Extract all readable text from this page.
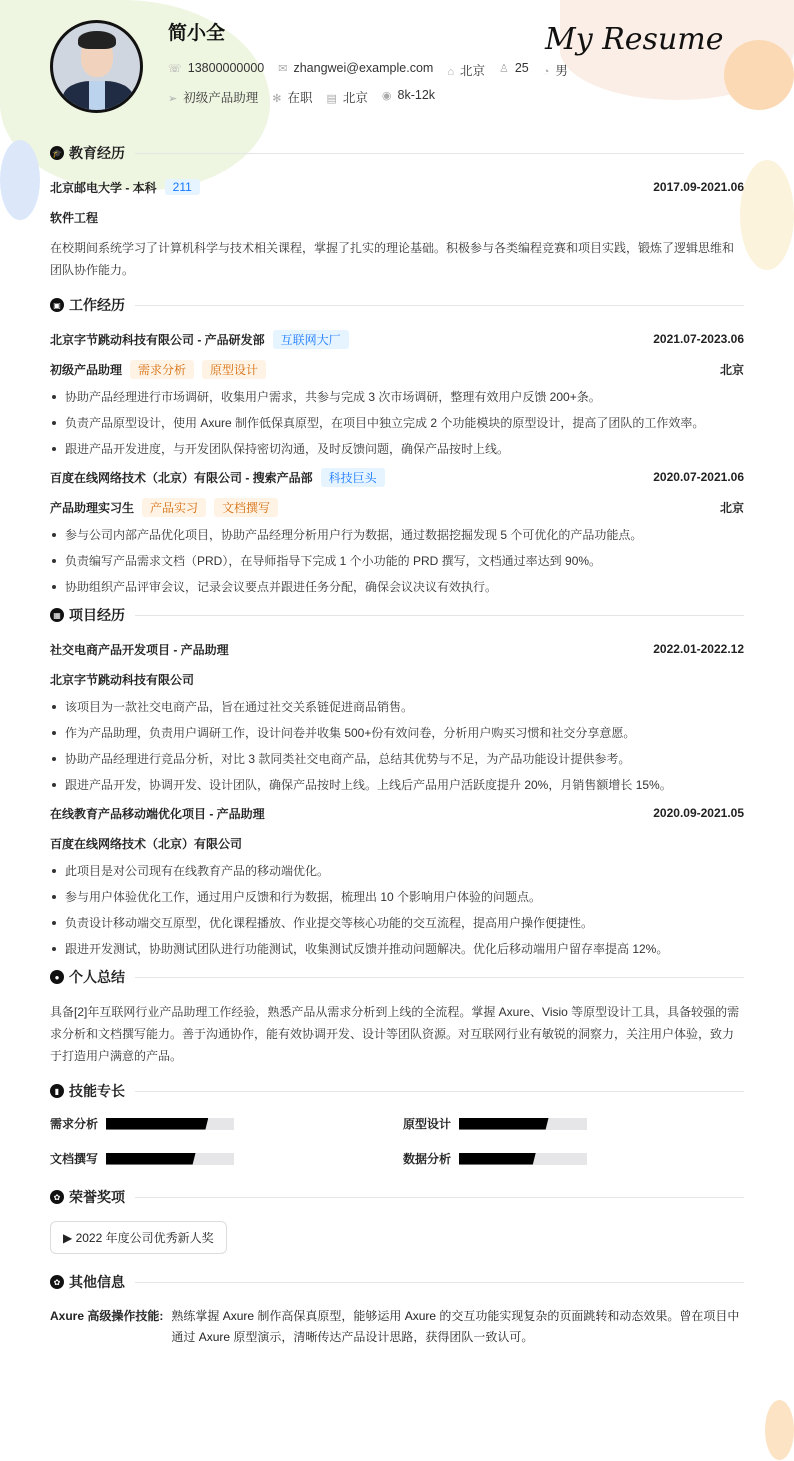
简小全	My Resume
☏ 13800000000 ✉ zhangwei@example.com ⌂ 北京 ♙ 25 ◔ 男
➢ 初级产品助理 ✻ 在职 ▤ 北京 ◉ 8k-12k
🎓 教育经历
北京邮电大学 - 本科	211	2017.09-2021.06
软件工程

在校期间系统学习了计算机科学与技术相关课程，掌握了扎实的理论基础。积极参与各类编程竞赛和项目实践，锻炼了逻辑思维和团队协作能力。

▣ 工作经历
北京字节跳动科技有限公司 - 产品研发部	互联网大厂	2021.07-2023.06
初级产品助理	需求分析	原型设计	北京
协助产品经理进行市场调研，收集用户需求，共参与完成 3 次市场调研，整理有效用户反馈 200+条。
负责产品原型设计，使用 Axure 制作低保真原型，在项目中独立完成 2 个功能模块的原型设计，提高了团队的工作效率。
跟进产品开发进度，与开发团队保持密切沟通，及时反馈问题，确保产品按时上线。
百度在线网络技术（北京）有限公司 - 搜索产品部	科技巨头	2020.07-2021.06
产品助理实习生	产品实习	文档撰写	北京
参与公司内部产品优化项目，协助产品经理分析用户行为数据，通过数据挖掘发现 5 个可优化的产品功能点。
负责编写产品需求文档（PRD），在导师指导下完成 1 个小功能的 PRD 撰写，文档通过率达到 90%。
协助组织产品评审会议，记录会议要点并跟进任务分配，确保会议决议有效执行。
▦ 项目经历
社交电商产品开发项目 - 产品助理	2022.01-2022.12
北京字节跳动科技有限公司
该项目为一款社交电商产品，旨在通过社交关系链促进商品销售。
作为产品助理，负责用户调研工作，设计问卷并收集 500+份有效问卷，分析用户购买习惯和社交分享意愿。
协助产品经理进行竞品分析，对比 3 款同类社交电商产品，总结其优势与不足，为产品功能设计提供参考。
跟进产品开发，协调开发、设计团队，确保产品按时上线。上线后产品用户活跃度提升 20%，月销售额增长 15%。
在线教育产品移动端优化项目 - 产品助理	2020.09-2021.05
百度在线网络技术（北京）有限公司
此项目是对公司现有在线教育产品的移动端优化。
参与用户体验优化工作，通过用户反馈和行为数据，梳理出 10 个影响用户体验的问题点。
负责设计移动端交互原型，优化课程播放、作业提交等核心功能的交互流程，提高用户操作便捷性。
跟进开发测试，协助测试团队进行功能测试，收集测试反馈并推动问题解决。优化后移动端用户留存率提高 12%。
● 个人总结

具备[2]年互联网行业产品助理工作经验，熟悉产品从需求分析到上线的全流程。掌握 Axure、Visio 等原型设计工具，具备较强的需求分析和文档撰写能力。善于沟通协作，能有效协调开发、设计等团队资源。对互联网行业有敏锐的洞察力，关注用户体验，致力于打造用户满意的产品。

▮ 技能专长
需求分析	原型设计
文档撰写	数据分析
✿ 荣誉奖项
▶ 2022 年度公司优秀新人奖
✿ 其他信息
Axure 高级操作技能: 熟练掌握 Axure 制作高保真原型，能够运用 Axure 的交互功能实现复杂的页面跳转和动态效果。曾在项目中通过 Axure 原型演示，清晰传达产品设计思路，获得团队一致认可。
